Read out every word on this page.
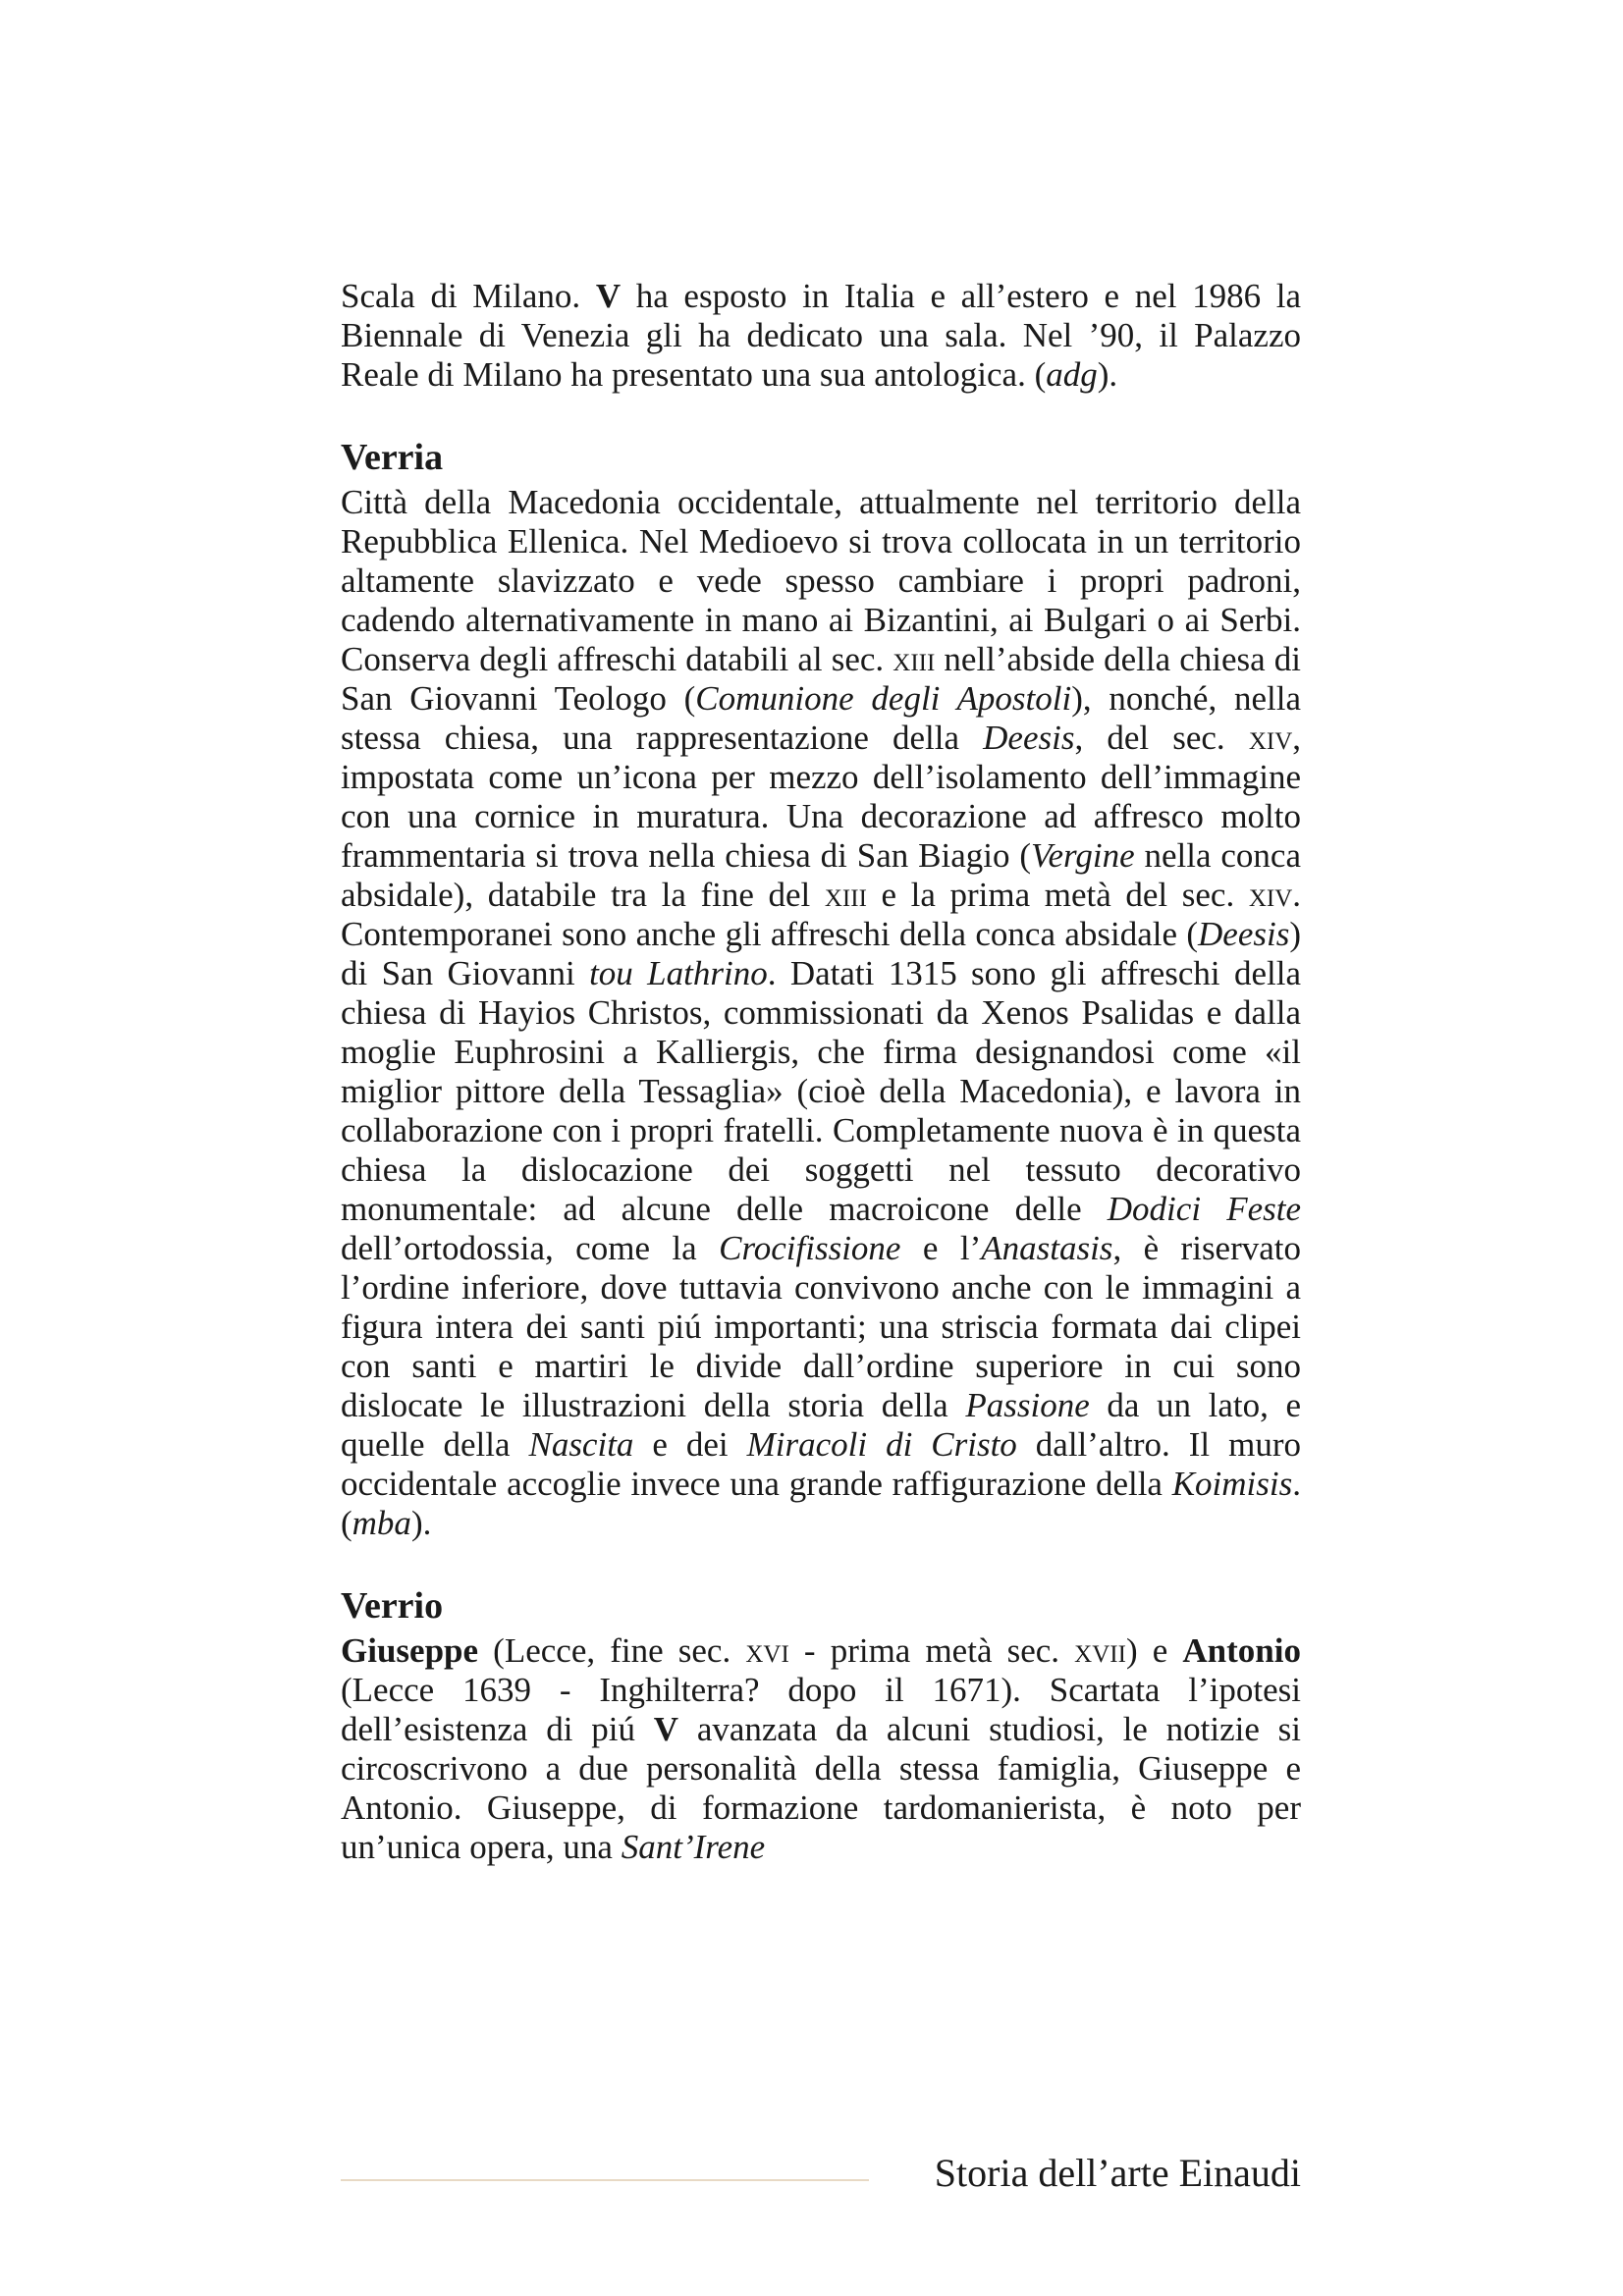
Scala di Milano. V ha esposto in Italia e all’estero e nel 1986 la Biennale di Venezia gli ha dedicato una sala. Nel ’90, il Palazzo Reale di Milano ha presentato una sua antologica. (adg).

Verria

Città della Macedonia occidentale, attualmente nel territorio della Repubblica Ellenica. Nel Medioevo si trova collocata in un territorio altamente slavizzato e vede spesso cambiare i propri padroni, cadendo alternativamente in mano ai Bizantini, ai Bulgari o ai Serbi. Conserva degli affreschi databili al sec. xiii nell’abside della chiesa di San Giovanni Teologo (Comunione degli Apostoli), nonché, nella stessa chiesa, una rappresentazione della Deesis, del sec. xiv, impostata come un’icona per mezzo dell’isolamento dell’immagine con una cornice in muratura. Una decorazione ad affresco molto frammentaria si trova nella chiesa di San Biagio (Vergine nella conca absidale), databile tra la fine del xiii e la prima metà del sec. xiv. Contemporanei sono anche gli affreschi della conca absidale (Deesis) di San Giovanni tou Lathrino. Datati 1315 sono gli affreschi della chiesa di Hayios Christos, commissionati da Xenos Psalidas e dalla moglie Euphrosini a Kalliergis, che firma designandosi come «il miglior pittore della Tessaglia» (cioè della Macedonia), e lavora in collaborazione con i propri fratelli. Completamente nuova è in questa chiesa la dislocazione dei soggetti nel tessuto decorativo monumentale: ad alcune delle macroicone delle Dodici Feste dell’ortodossia, come la Crocifissione e l’Anastasis, è riservato l’ordine inferiore, dove tuttavia convivono anche con le immagini a figura intera dei santi piú importanti; una striscia formata dai clipei con santi e martiri le divide dall’ordine superiore in cui sono dislocate le illustrazioni della storia della Passione da un lato, e quelle della Nascita e dei Miracoli di Cristo dall’altro. Il muro occidentale accoglie invece una grande raffigurazione della Koimisis. (mba).

Verrio

Giuseppe (Lecce, fine sec. xvi - prima metà sec. xvii) e Antonio (Lecce 1639 - Inghilterra? dopo il 1671). Scartata l’ipotesi dell’esistenza di piú V avanzata da alcuni studiosi, le notizie si circoscrivono a due personalità della stessa famiglia, Giuseppe e Antonio. Giuseppe, di formazione tardomanierista, è noto per un’unica opera, una Sant’Irene

Storia dell’arte Einaudi
